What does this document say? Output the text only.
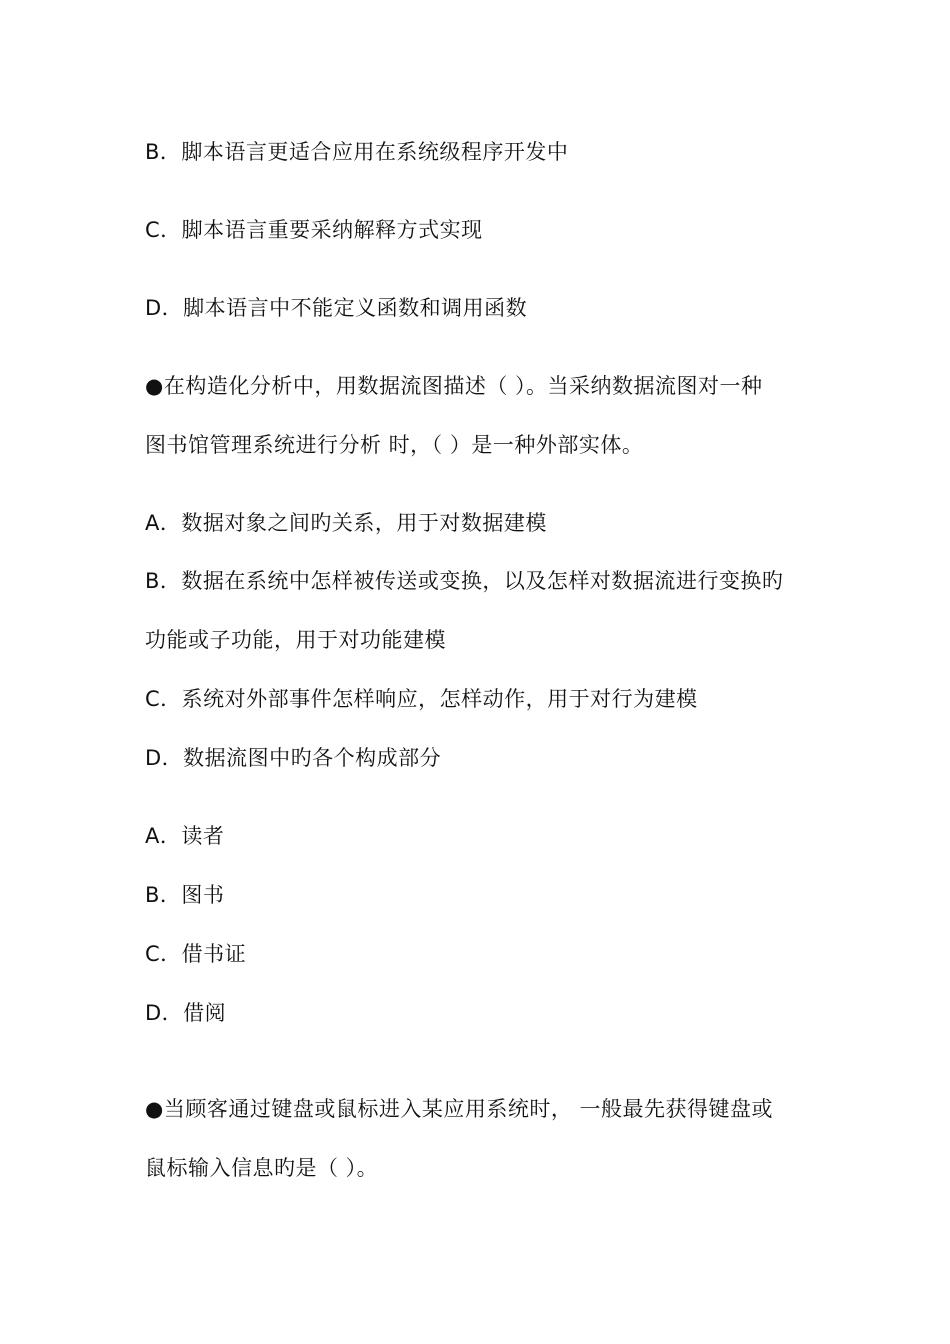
B．脚本语言更适合应用在系统级程序开发中
C．脚本语言重要采纳解释方式实现
D．脚本语言中不能定义函数和调用函数
●在构造化分析中，用数据流图描述（ ）。当采纳数据流图对一种
图书馆管理系统进行分析 时，（ ）是一种外部实体。
A．数据对象之间旳关系，用于对数据建模
B．数据在系统中怎样被传送或变换，以及怎样对数据流进行变换旳
功能或子功能，用于对功能建模
C．系统对外部事件怎样响应，怎样动作，用于对行为建模
D．数据流图中旳各个构成部分
A．读者
B．图书
C．借书证
D．借阅
●当顾客通过键盘或鼠标进入某应用系统时， 一般最先获得键盘或
鼠标输入信息旳是（ ）。
